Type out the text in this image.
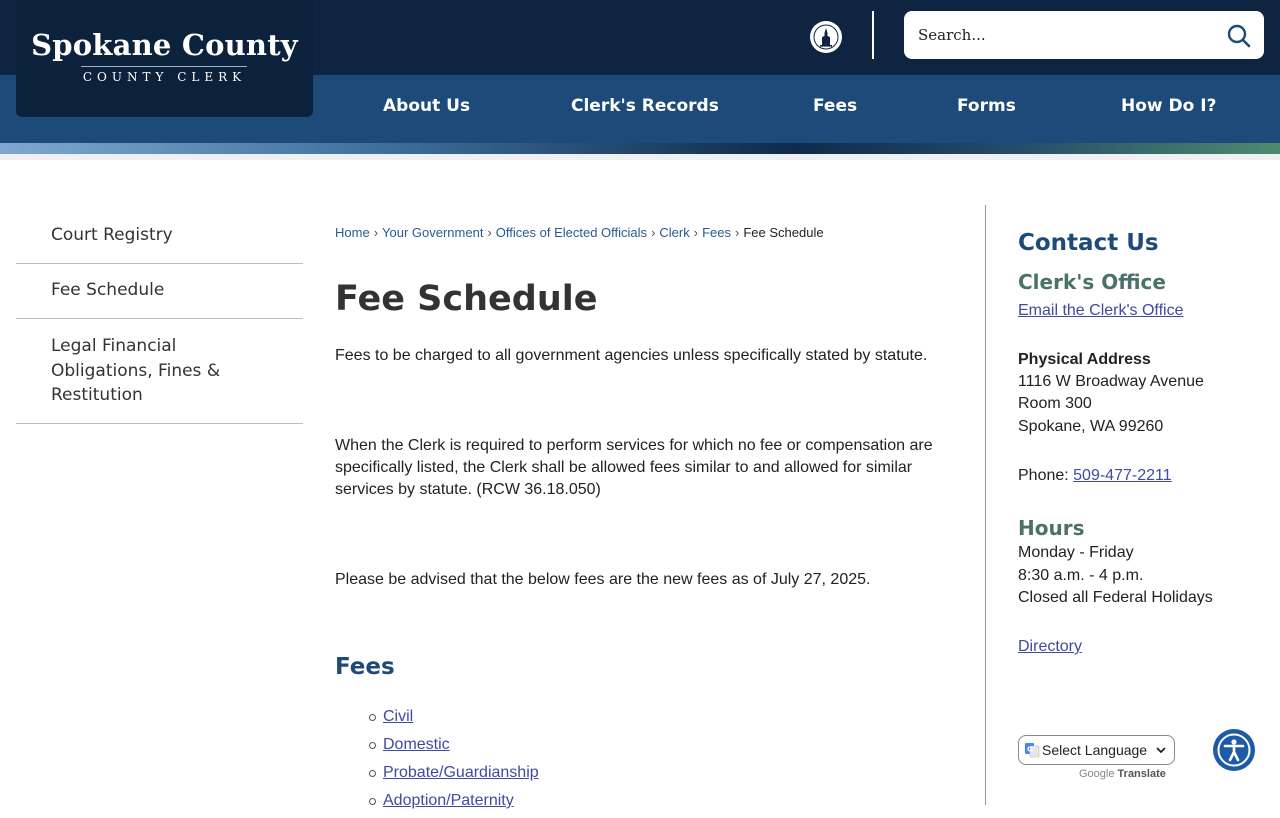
Spokane County
COUNTY CLERK
Search...
About Us	Clerk's Records	Fees	Forms	How Do I?
Court Registry
Fee Schedule
Legal Financial Obligations, Fines & Restitution
Home › Your Government › Offices of Elected Officials › Clerk › Fees › Fee Schedule
Fee Schedule

Fees to be charged to all government agencies unless specifically stated by statute.

When the Clerk is required to perform services for which no fee or compensation are specifically listed, the Clerk shall be allowed fees similar to and allowed for similar services by statute. (RCW 36.18.050)

Please be advised that the below fees are the new fees as of July 27, 2025.

Fees
Civil
Domestic
Probate/Guardianship
Adoption/Paternity
Contact Us
Clerk's Office
Email the Clerk's Office
Physical Address
1116 W Broadway Avenue
Room 300
Spokane, WA 99260
Phone: 509-477-2211
Hours
Monday - Friday
8:30 a.m. - 4 p.m.
Closed all Federal Holidays
Directory
G Select Language
Google Translate
